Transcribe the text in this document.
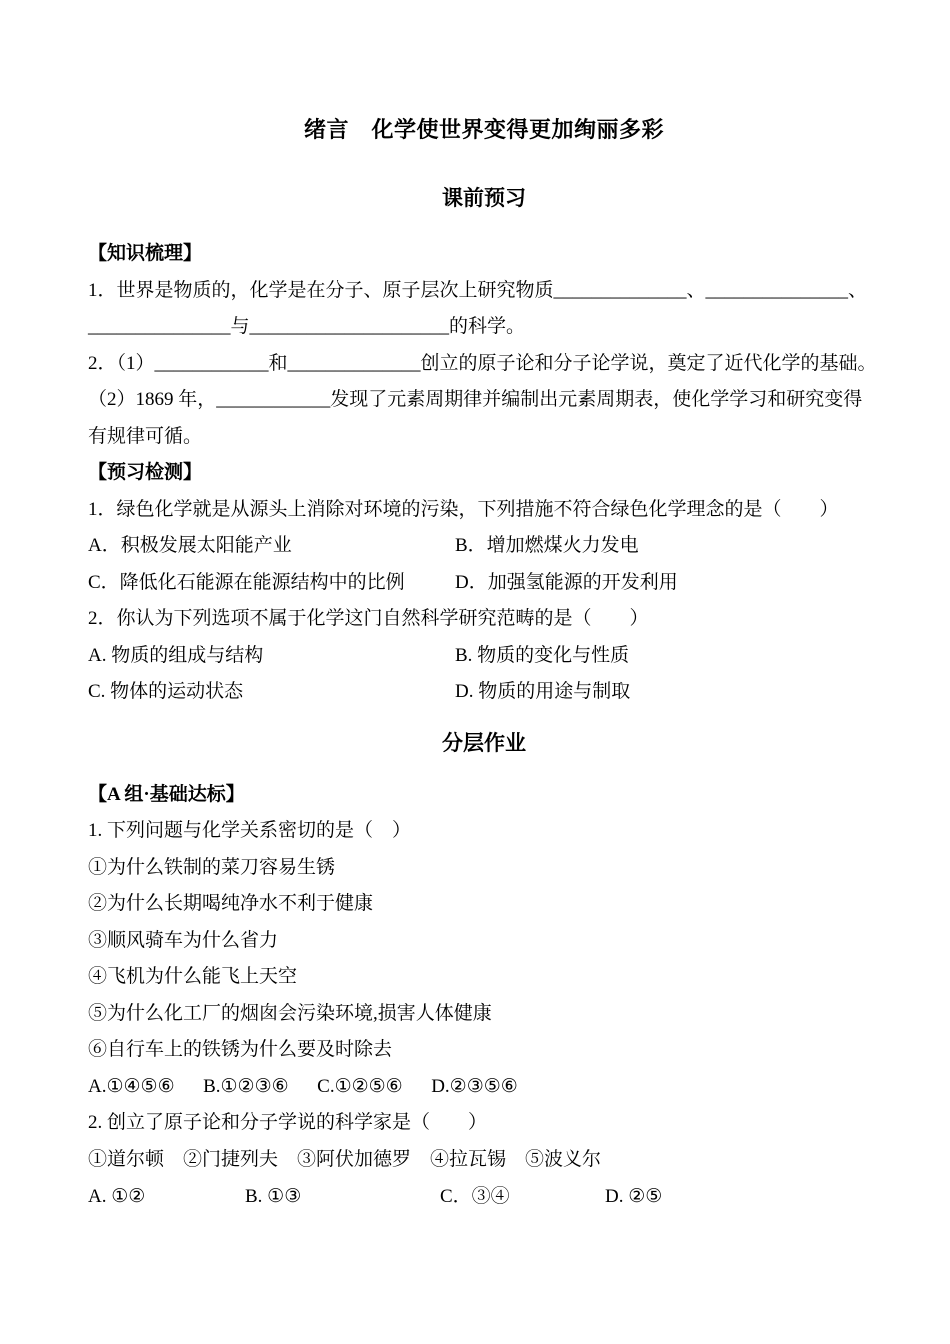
绪言　化学使世界变得更加绚丽多彩
课前预习

【知识梳理】

1．世界是物质的，化学是在分子、原子层次上研究物质______________、_______________、

_______________与_____________________的科学。

2．（1）____________和______________创立的原子论和分子论学说，奠定了近代化学的基础。

（2）1869 年，____________发现了元素周期律并编制出元素周期表，使化学学习和研究变得

有规律可循。

【预习检测】

1．绿色化学就是从源头上消除对环境的污染，下列措施不符合绿色化学理念的是（　　）

A．积极发展太阳能产业	B．增加燃煤火力发电
C．降低化石能源在能源结构中的比例	D．加强氢能源的开发利用

2．你认为下列选项不属于化学这门自然科学研究范畴的是（　　）

A. 物质的组成与结构	B. 物质的变化与性质
C. 物体的运动状态	D. 物质的用途与制取
分层作业

【A 组·基础达标】

1. 下列问题与化学关系密切的是（　）

①为什么铁制的菜刀容易生锈

②为什么长期喝纯净水不利于健康

③顺风骑车为什么省力

④飞机为什么能飞上天空

⑤为什么化工厂的烟囱会污染环境,损害人体健康

⑥自行车上的铁锈为什么要及时除去

A.①④⑤⑥      B.①②③⑥      C.①②⑤⑥      D.②③⑤⑥

2. 创立了原子论和分子学说的科学家是（　　）

①道尔顿　②门捷列夫　③阿伏加德罗　④拉瓦锡　⑤波义尔

A. ①②	B. ①③	C．③④	D. ②⑤
